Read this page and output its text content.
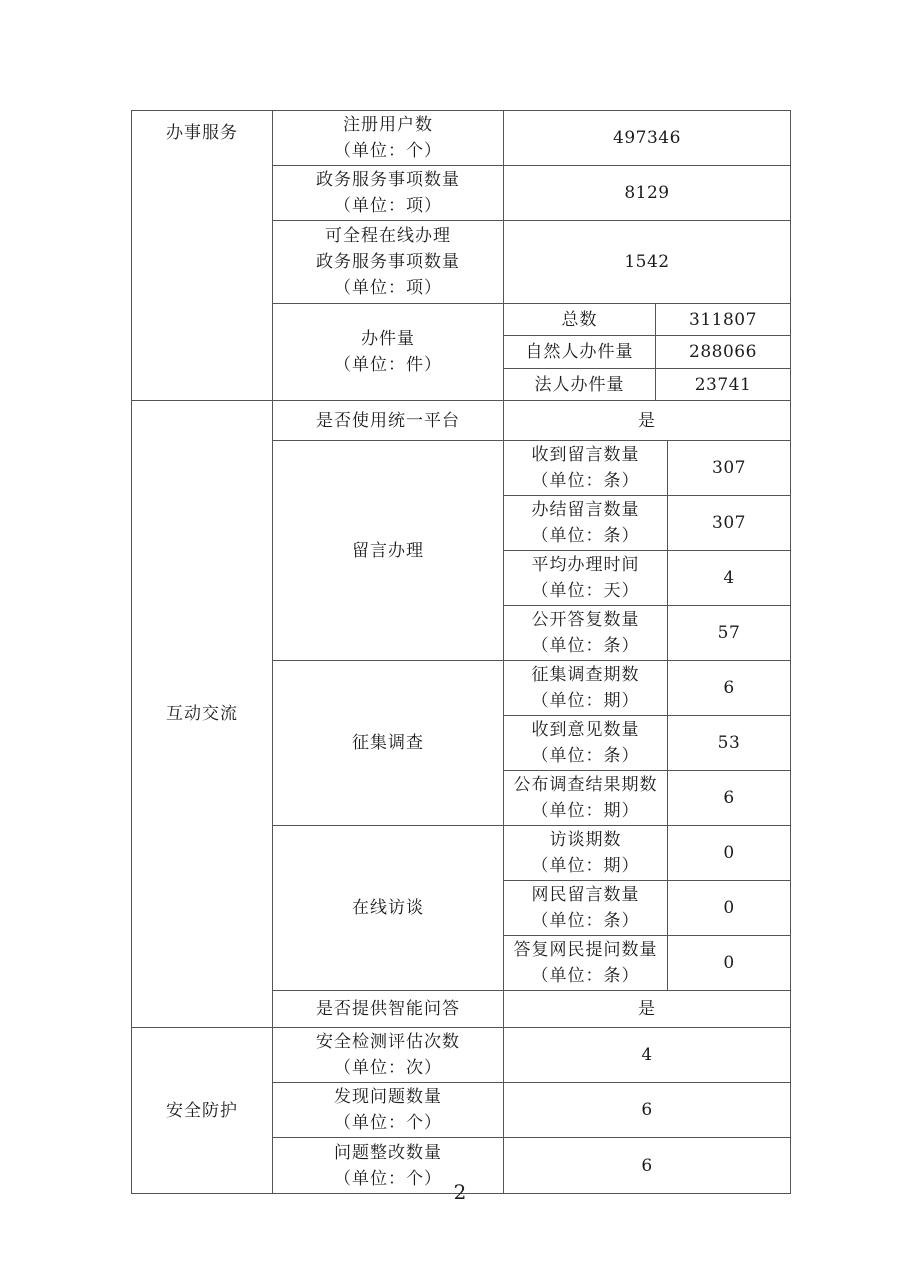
办事服务	注册用户数
（单位：个）	497346	

	政务服务事项数量
（单位：项）	8129	

	可全程在线办理
政务服务事项数量
（单位：项）	1542	

	办件量
（单位：件）	总数	311807
		自然人办件量	288066
		法人办件量	23741
互动交流	是否使用统一平台	是	
	留言办理	收到留言数量
（单位：条）	307

		办结留言数量
（单位：条）	307

		平均办理时间
（单位：天）	4

		公开答复数量
（单位：条）	57
	征集调查	征集调查期数
（单位：期）	6

		收到意见数量
（单位：条）	53

		公布调查结果期数
（单位：期）	6
	在线访谈	访谈期数
（单位：期）	0

		网民留言数量
（单位：条）	0

		答复网民提问数量
（单位：条）	0
	是否提供智能问答	是	
安全防护	安全检测评估次数
（单位：次）	4

	发现问题数量
（单位：个）	6

	问题整改数量
（单位：个）	6
2
